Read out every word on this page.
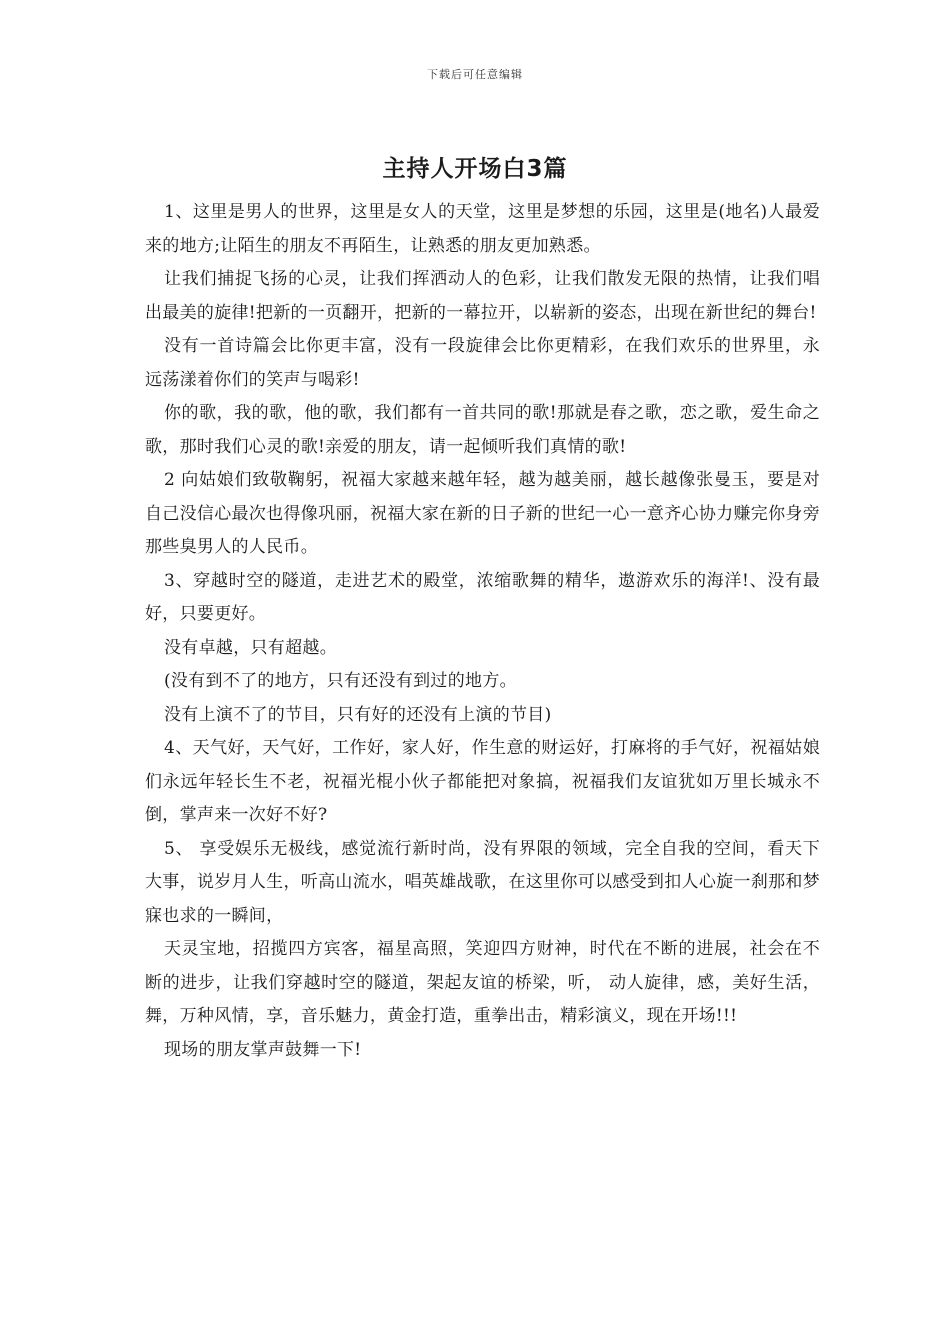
下载后可任意编辑
主持人开场白3篇

1、这里是男人的世界，这里是女人的天堂，这里是梦想的乐园，这里是(地名)人最爱来的地方;让陌生的朋友不再陌生，让熟悉的朋友更加熟悉。

让我们捕捉飞扬的心灵，让我们挥洒动人的色彩，让我们散发无限的热情，让我们唱出最美的旋律!把新的一页翻开，把新的一幕拉开，以崭新的姿态，出现在新世纪的舞台!

没有一首诗篇会比你更丰富，没有一段旋律会比你更精彩，在我们欢乐的世界里，永远荡漾着你们的笑声与喝彩!

你的歌，我的歌，他的歌，我们都有一首共同的歌!那就是春之歌，恋之歌，爱生命之歌，那时我们心灵的歌!亲爱的朋友，请一起倾听我们真情的歌!

2 向姑娘们致敬鞠躬，祝福大家越来越年轻，越为越美丽，越长越像张曼玉，要是对自己没信心最次也得像巩丽，祝福大家在新的日子新的世纪一心一意齐心协力赚完你身旁那些臭男人的人民币。

3、穿越时空的隧道，走进艺术的殿堂，浓缩歌舞的精华，遨游欢乐的海洋!、没有最好，只要更好。

没有卓越，只有超越。

(没有到不了的地方，只有还没有到过的地方。

没有上演不了的节目，只有好的还没有上演的节目)

4、天气好，天气好，工作好，家人好，作生意的财运好，打麻将的手气好，祝福姑娘们永远年轻长生不老，祝福光棍小伙子都能把对象搞，祝福我们友谊犹如万里长城永不倒，掌声来一次好不好?

5、 享受娱乐无极线，感觉流行新时尚，没有界限的领域，完全自我的空间，看天下大事，说岁月人生，听高山流水，唱英雄战歌，在这里你可以感受到扣人心旋一刹那和梦寐也求的一瞬间，

天灵宝地，招揽四方宾客，福星高照，笑迎四方财神，时代在不断的进展，社会在不断的进步，让我们穿越时空的隧道，架起友谊的桥梁，听， 动人旋律，感，美好生活，舞，万种风情，享，音乐魅力，黄金打造，重拳出击，精彩演义，现在开场!!!

现场的朋友掌声鼓舞一下!
